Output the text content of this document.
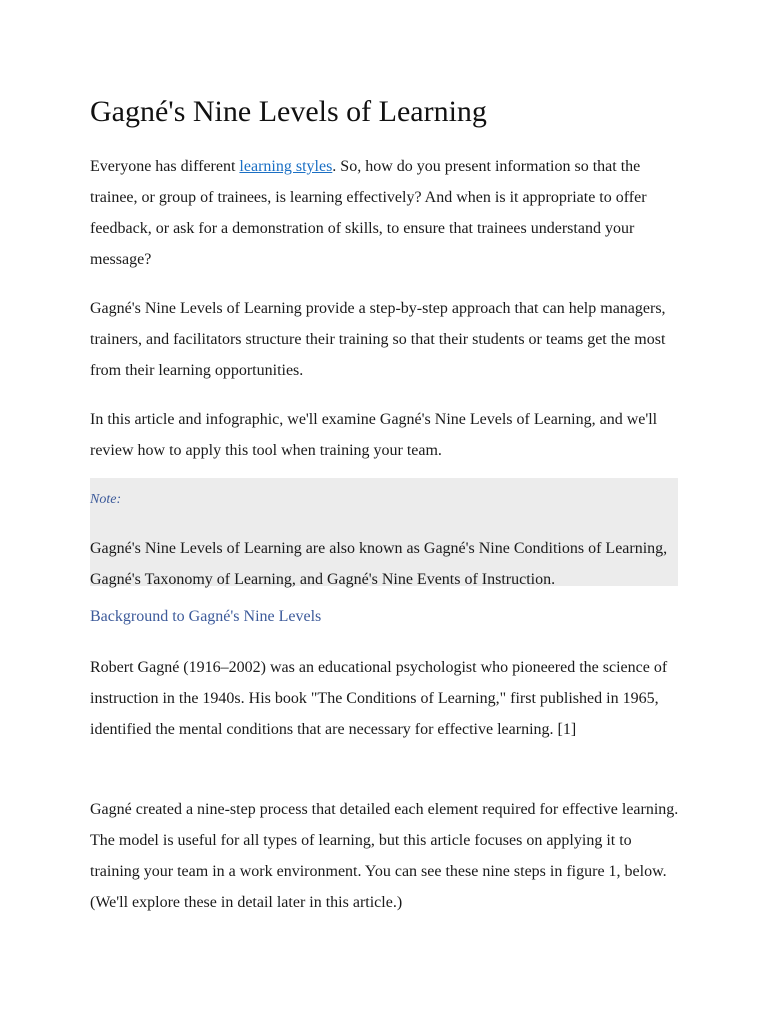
Gagné's Nine Levels of Learning

Everyone has different learning styles. So, how do you present information so that the trainee, or group of trainees, is learning effectively? And when is it appropriate to offer feedback, or ask for a demonstration of skills, to ensure that trainees understand your message?

Gagné's Nine Levels of Learning provide a step-by-step approach that can help managers, trainers, and facilitators structure their training so that their students or teams get the most from their learning opportunities.

In this article and infographic, we'll examine Gagné's Nine Levels of Learning, and we'll review how to apply this tool when training your team.

Note:

Gagné's Nine Levels of Learning are also known as Gagné's Nine Conditions of Learning, Gagné's Taxonomy of Learning, and Gagné's Nine Events of Instruction.

Background to Gagné's Nine Levels

Robert Gagné (1916–2002) was an educational psychologist who pioneered the science of instruction in the 1940s. His book "The Conditions of Learning," first published in 1965, identified the mental conditions that are necessary for effective learning. [1]

Gagné created a nine-step process that detailed each element required for effective learning. The model is useful for all types of learning, but this article focuses on applying it to training your team in a work environment. You can see these nine steps in figure 1, below. (We'll explore these in detail later in this article.)
